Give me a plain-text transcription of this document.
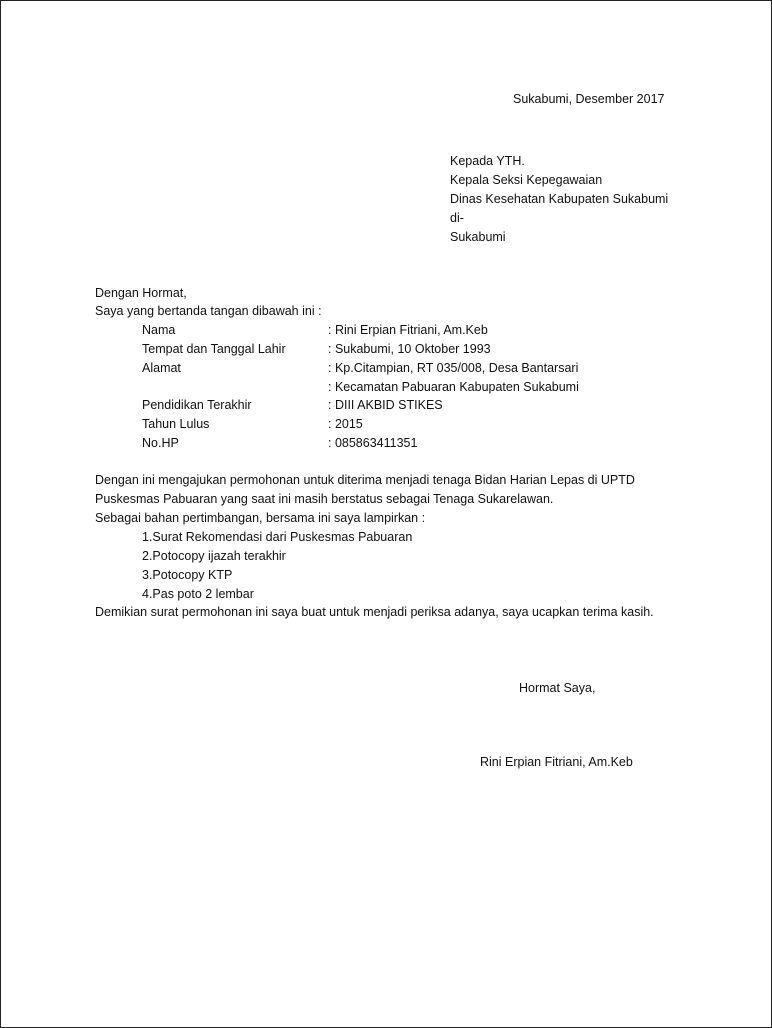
Sukabumi, Desember 2017
Kepada YTH.
Kepala Seksi Kepegawaian
Dinas Kesehatan Kabupaten Sukabumi
di-
Sukabumi
Dengan Hormat,
Saya yang bertanda tangan dibawah ini :
Nama	: Rini Erpian Fitriani, Am.Keb
Tempat dan Tanggal Lahir	: Sukabumi, 10 Oktober 1993
Alamat	: Kp.Citampian, RT 035/008, Desa Bantarsari
: Kecamatan Pabuaran Kabupaten Sukabumi
Pendidikan Terakhir	: DIII AKBID STIKES
Tahun Lulus	: 2015
No.HP	: 085863411351
Dengan ini mengajukan permohonan untuk diterima menjadi tenaga Bidan Harian Lepas di UPTD
Puskesmas Pabuaran yang saat ini masih berstatus sebagai Tenaga Sukarelawan.
Sebagai bahan pertimbangan, bersama ini saya lampirkan :
1.Surat Rekomendasi dari Puskesmas Pabuaran
2.Potocopy ijazah terakhir
3.Potocopy KTP
4.Pas poto 2 lembar
Demikian surat permohonan ini saya buat untuk menjadi periksa adanya, saya ucapkan terima kasih.
Hormat Saya,
Rini Erpian Fitriani, Am.Keb
